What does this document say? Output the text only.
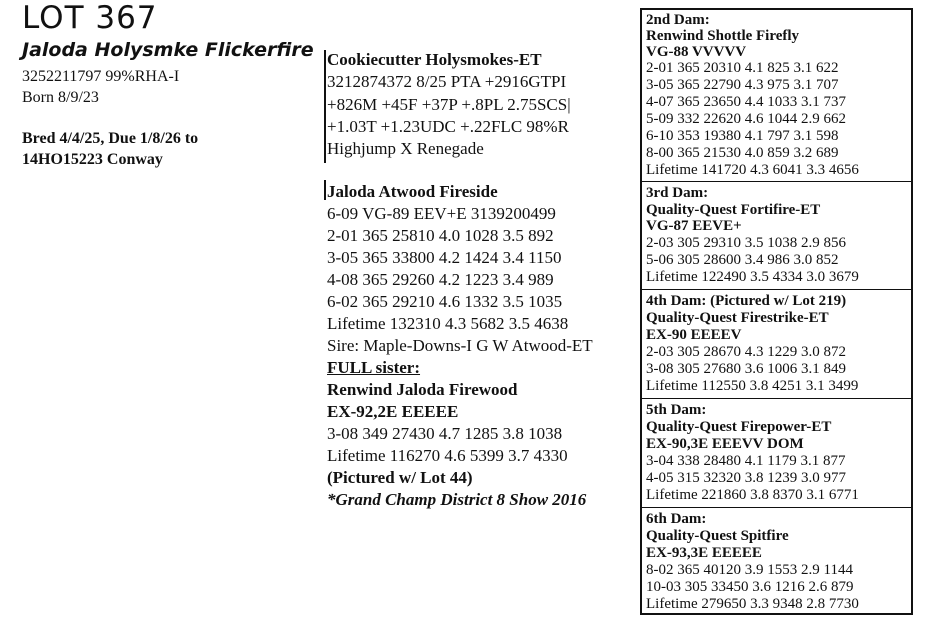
LOT 367
Jaloda Holysmke Flickerfire
3252211797 99%RHA-I
Born 8/9/23
Bred 4/4/25, Due 1/8/26 to
14HO15223 Conway
Cookiecutter Holysmokes-ET
3212874372 8/25 PTA +2916GTPI
+826M +45F +37P +.8PL 2.75SCS|
+1.03T +1.23UDC +.22FLC 98%R
Highjump X Renegade
Jaloda Atwood Fireside
6-09 VG-89 EEV+E 3139200499
2-01 365 25810 4.0 1028 3.5 892
3-05 365 33800 4.2 1424 3.4 1150
4-08 365 29260 4.2 1223 3.4 989
6-02 365 29210 4.6 1332 3.5 1035
Lifetime 132310 4.3 5682 3.5 4638
Sire: Maple-Downs-I G W Atwood-ET
FULL sister:
Renwind Jaloda Firewood
EX-92,2E EEEEE
3-08 349 27430 4.7 1285 3.8 1038
Lifetime 116270 4.6 5399 3.7 4330
(Pictured w/ Lot 44)
*Grand Champ District 8 Show 2016
2nd Dam:
Renwind Shottle Firefly
VG-88 VVVVV
2-01 365 20310 4.1 825 3.1 622
3-05 365 22790 4.3 975 3.1 707
4-07 365 23650 4.4 1033 3.1 737
5-09 332 22620 4.6 1044 2.9 662
6-10 353 19380 4.1 797 3.1 598
8-00 365 21530 4.0 859 3.2 689
Lifetime 141720 4.3 6041 3.3 4656
3rd Dam:
Quality-Quest Fortifire-ET
VG-87 EEVE+
2-03 305 29310 3.5 1038 2.9 856
5-06 305 28600 3.4 986 3.0 852
Lifetime 122490 3.5 4334 3.0 3679
4th Dam: (Pictured w/ Lot 219)
Quality-Quest Firestrike-ET
EX-90 EEEEV
2-03 305 28670 4.3 1229 3.0 872
3-08 305 27680 3.6 1006 3.1 849
Lifetime 112550 3.8 4251 3.1 3499
5th Dam:
Quality-Quest Firepower-ET
EX-90,3E EEEVV DOM
3-04 338 28480 4.1 1179 3.1 877
4-05 315 32320 3.8 1239 3.0 977
Lifetime 221860 3.8 8370 3.1 6771
6th Dam:
Quality-Quest Spitfire
EX-93,3E EEEEE
8-02 365 40120 3.9 1553 2.9 1144
10-03 305 33450 3.6 1216 2.6 879
Lifetime 279650 3.3 9348 2.8 7730
